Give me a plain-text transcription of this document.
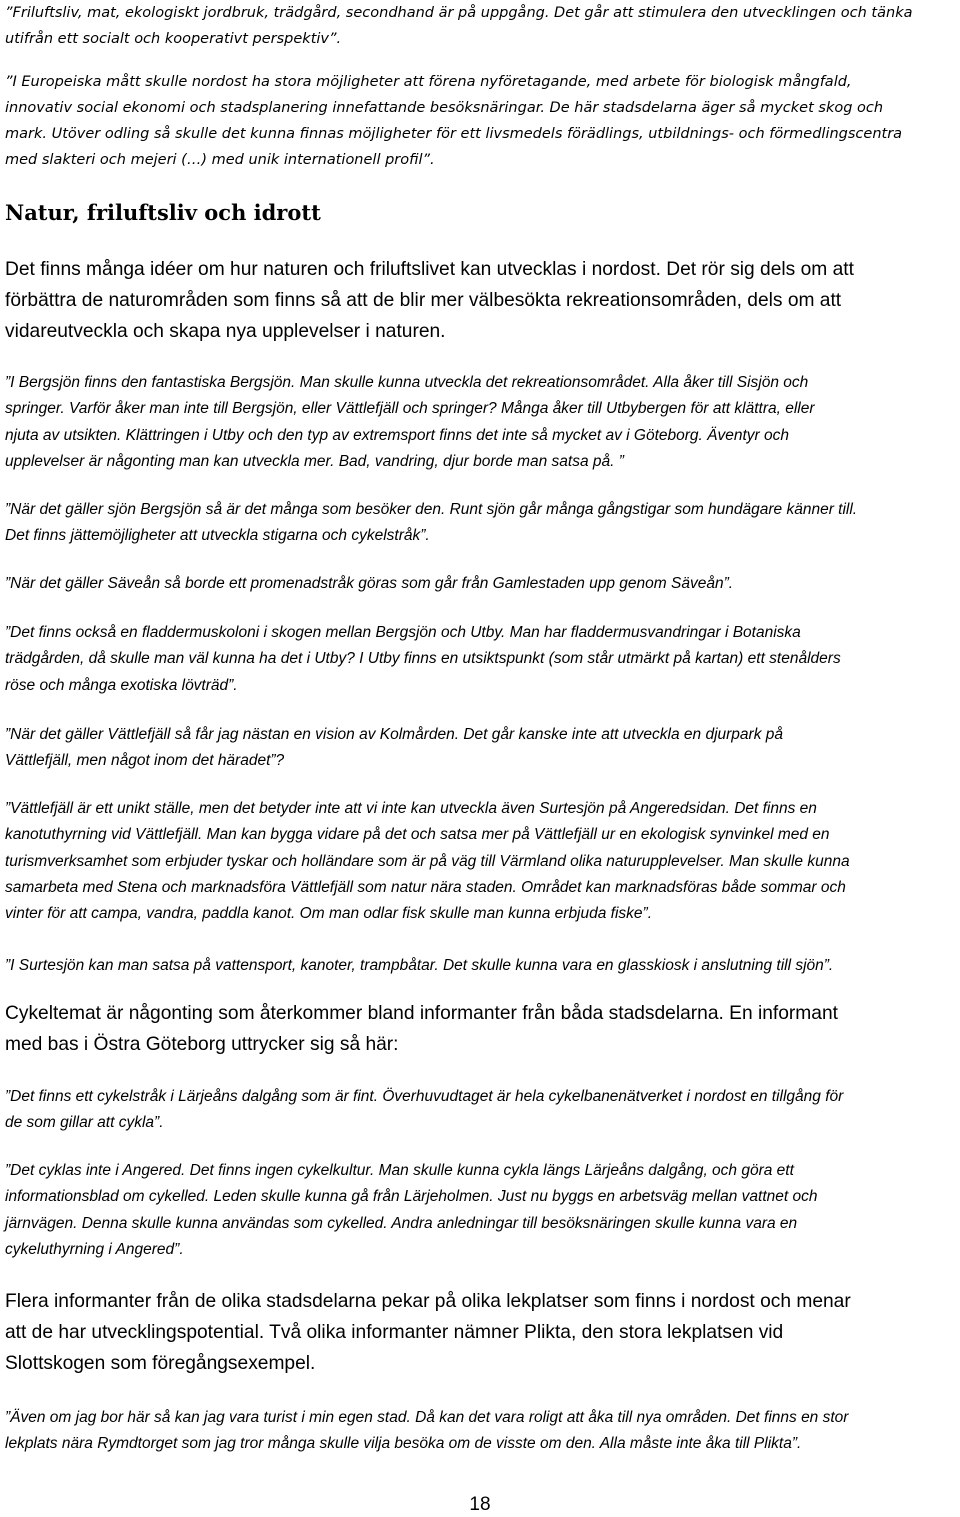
”Friluftsliv, mat, ekologiskt jordbruk, trädgård, secondhand är på uppgång. Det går att stimulera den utvecklingen och tänka
utifrån ett socialt och kooperativt perspektiv”.

”I Europeiska mått skulle nordost ha stora möjligheter att förena nyföretagande, med arbete för biologisk mångfald,
innovativ social ekonomi och stadsplanering innefattande besöksnäringar. De här stadsdelarna äger så mycket skog och
mark. Utöver odling så skulle det kunna finnas möjligheter för ett livsmedels förädlings, utbildnings- och förmedlingscentra
med slakteri och mejeri (…) med unik internationell profil”.

Natur, friluftsliv och idrott

Det finns många idéer om hur naturen och friluftslivet kan utvecklas i nordost. Det rör sig dels om att
förbättra de naturområden som finns så att de blir mer välbesökta rekreationsområden, dels om att
vidareutveckla och skapa nya upplevelser i naturen.

”I Bergsjön finns den fantastiska Bergsjön. Man skulle kunna utveckla det rekreationsområdet. Alla åker till Sisjön och
springer. Varför åker man inte till Bergsjön, eller Vättlefjäll och springer? Många åker till Utbybergen för att klättra, eller
njuta av utsikten. Klättringen i Utby och den typ av extremsport finns det inte så mycket av i Göteborg. Äventyr och
upplevelser är någonting man kan utveckla mer. Bad, vandring, djur borde man satsa på. ”

”När det gäller sjön Bergsjön så är det många som besöker den. Runt sjön går många gångstigar som hundägare känner till.
Det finns jättemöjligheter att utveckla stigarna och cykelstråk”.

”När det gäller Säveån så borde ett promenadstråk göras som går från Gamlestaden upp genom Säveån”.

”Det finns också en fladdermuskoloni i skogen mellan Bergsjön och Utby. Man har fladdermusvandringar i Botaniska
trädgården, då skulle man väl kunna ha det i Utby? I Utby finns en utsiktspunkt (som står utmärkt på kartan) ett stenålders
röse och många exotiska lövträd”.

”När det gäller Vättlefjäll så får jag nästan en vision av Kolmården. Det går kanske inte att utveckla en djurpark på
Vättlefjäll, men något inom det häradet”?

”Vättlefjäll är ett unikt ställe, men det betyder inte att vi inte kan utveckla även Surtesjön på Angeredsidan. Det finns en
kanotuthyrning vid Vättlefjäll. Man kan bygga vidare på det och satsa mer på Vättlefjäll ur en ekologisk synvinkel med en
turismverksamhet som erbjuder tyskar och holländare som är på väg till Värmland olika naturupplevelser. Man skulle kunna
samarbeta med Stena och marknadsföra Vättlefjäll som natur nära staden. Området kan marknadsföras både sommar och
vinter för att campa, vandra, paddla kanot. Om man odlar fisk skulle man kunna erbjuda fiske”.

”I Surtesjön kan man satsa på vattensport, kanoter, trampbåtar. Det skulle kunna vara en glasskiosk i anslutning till sjön”.

Cykeltemat är någonting som återkommer bland informanter från båda stadsdelarna. En informant
med bas i Östra Göteborg uttrycker sig så här:

”Det finns ett cykelstråk i Lärjeåns dalgång som är fint. Överhuvudtaget är hela cykelbanenätverket i nordost en tillgång för
de som gillar att cykla”.

”Det cyklas inte i Angered. Det finns ingen cykelkultur. Man skulle kunna cykla längs Lärjeåns dalgång, och göra ett
informationsblad om cykelled. Leden skulle kunna gå från Lärjeholmen. Just nu byggs en arbetsväg mellan vattnet och
järnvägen. Denna skulle kunna användas som cykelled. Andra anledningar till besöksnäringen skulle kunna vara en
cykeluthyrning i Angered”.

Flera informanter från de olika stadsdelarna pekar på olika lekplatser som finns i nordost och menar
att de har utvecklingspotential. Två olika informanter nämner Plikta, den stora lekplatsen vid
Slottskogen som föregångsexempel.

”Även om jag bor här så kan jag vara turist i min egen stad. Då kan det vara roligt att åka till nya områden. Det finns en stor
lekplats nära Rymdtorget som jag tror många skulle vilja besöka om de visste om den. Alla måste inte åka till Plikta”.

18
